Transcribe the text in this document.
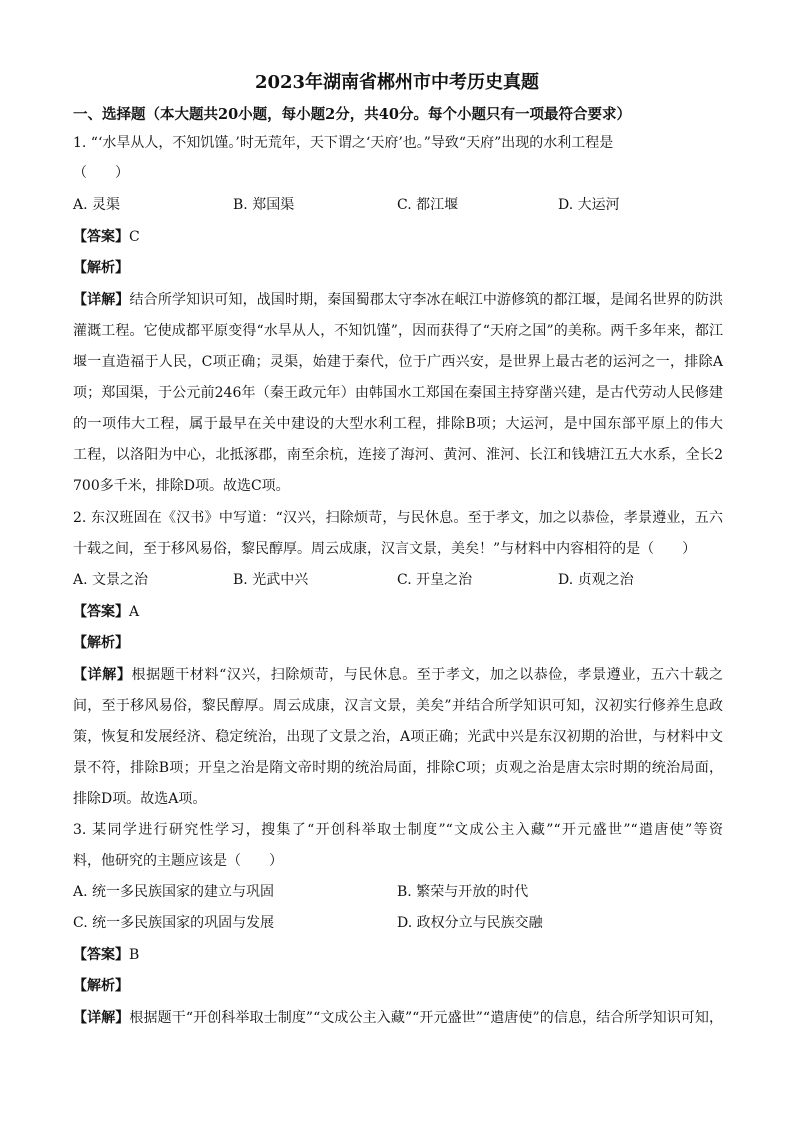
2023年湖南省郴州市中考历史真题
一、选择题（本大题共20小题，每小题2分，共40分。每个小题只有一项最符合要求）
1. “‘水旱从人，不知饥馑。’时无荒年，天下谓之‘天府’也。”导致“天府”出现的水利工程是
（　　）
A. 灵渠	B. 郑国渠	C. 都江堰	D. 大运河
【答案】C
【解析】
【详解】结合所学知识可知，战国时期，秦国蜀郡太守李冰在岷江中游修筑的都江堰，是闻名世界的防洪
灌溉工程。它使成都平原变得“水旱从人，不知饥馑”，因而获得了“天府之国”的美称。两千多年来，都江
堰一直造福于人民，C项正确；灵渠，始建于秦代，位于广西兴安，是世界上最古老的运河之一，排除A
项；郑国渠，于公元前246年（秦王政元年）由韩国水工郑国在秦国主持穿凿兴建，是古代劳动人民修建
的一项伟大工程，属于最早在关中建设的大型水利工程，排除B项；大运河，是中国东部平原上的伟大
工程，以洛阳为中心，北抵涿郡，南至余杭，连接了海河、黄河、淮河、长江和钱塘江五大水系，全长2
700多千米，排除D项。故选C项。
2. 东汉班固在《汉书》中写道：“汉兴，扫除烦苛，与民休息。至于孝文，加之以恭俭，孝景遵业，五六
十载之间，至于移风易俗，黎民醇厚。周云成康，汉言文景，美矣！”与材料中内容相符的是（　　）
A. 文景之治	B. 光武中兴	C. 开皇之治	D. 贞观之治
【答案】A
【解析】
【详解】根据题干材料“汉兴，扫除烦苛，与民休息。至于孝文，加之以恭俭，孝景遵业，五六十载之
间，至于移风易俗，黎民醇厚。周云成康，汉言文景，美矣”并结合所学知识可知，汉初实行修养生息政
策，恢复和发展经济、稳定统治，出现了文景之治，A项正确；光武中兴是东汉初期的治世，与材料中文
景不符，排除B项；开皇之治是隋文帝时期的统治局面，排除C项；贞观之治是唐太宗时期的统治局面，
排除D项。故选A项。
3. 某同学进行研究性学习，搜集了“开创科举取士制度”“文成公主入藏”“开元盛世”“遣唐使”等资
料，他研究的主题应该是（　　）
A. 统一多民族国家的建立与巩固	B. 繁荣与开放的时代
C. 统一多民族国家的巩固与发展	D. 政权分立与民族交融
【答案】B
【解析】
【详解】根据题干“开创科举取士制度”“文成公主入藏”“开元盛世”“遣唐使”的信息，结合所学知识可知，
